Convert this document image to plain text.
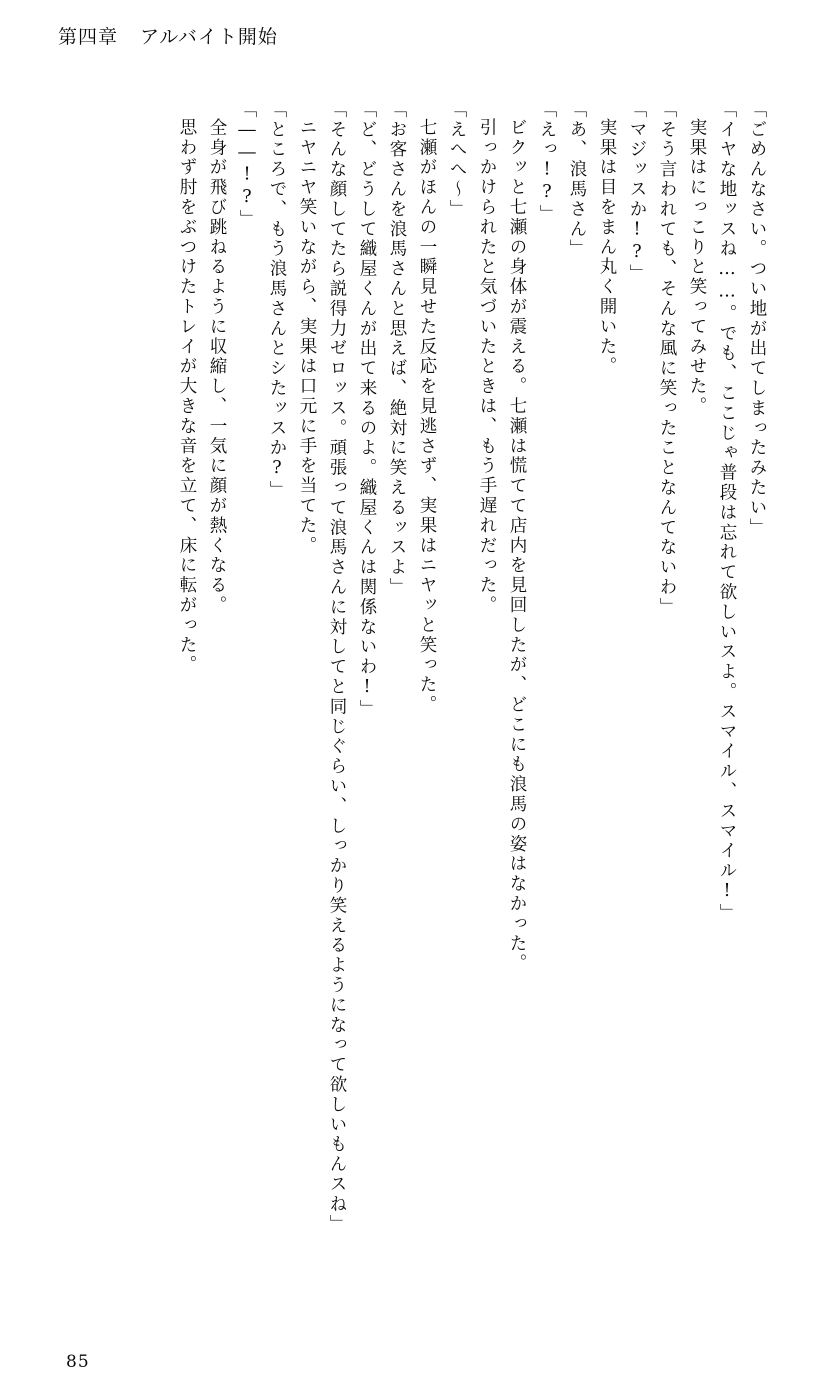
第四章 アルバイト開始
「ごめんなさい。つい地が出てしまったみたい」
「イヤな地ッスね……。でも、ここじゃ普段は忘れて欲しいスよ。スマイル、スマイル!」
実果はにっこりと笑ってみせた。
「そう言われても、そんな風に笑ったことなんてないわ」
「マジッスか!?」
実果は目をまん丸く開いた。
「あ、浪馬さん」
「えっ!?」
ビクッと七瀬の身体が震える。七瀬は慌てて店内を見回したが、どこにも浪馬の姿はなかった。
引っかけられたと気づいたときは、もう手遅れだった。
「えへへ〜」
七瀬がほんの一瞬見せた反応を見逃さず、実果はニヤッと笑った。
「お客さんを浪馬さんと思えば、絶対に笑えるッスよ」
「ど、どうして織屋くんが出て来るのよ。織屋くんは関係ないわ!」
「そんな顔してたら説得力ゼロッス。頑張って浪馬さんに対してと同じぐらい、しっかり笑えるようになって欲しいもんスね」
ニヤニヤ笑いながら、実果は口元に手を当てた。
「ところで、もう浪馬さんとシたッスか?」
「――!?」
全身が飛び跳ねるように収縮し、一気に顔が熱くなる。
思わず肘をぶつけたトレイが大きな音を立て、床に転がった。
85
